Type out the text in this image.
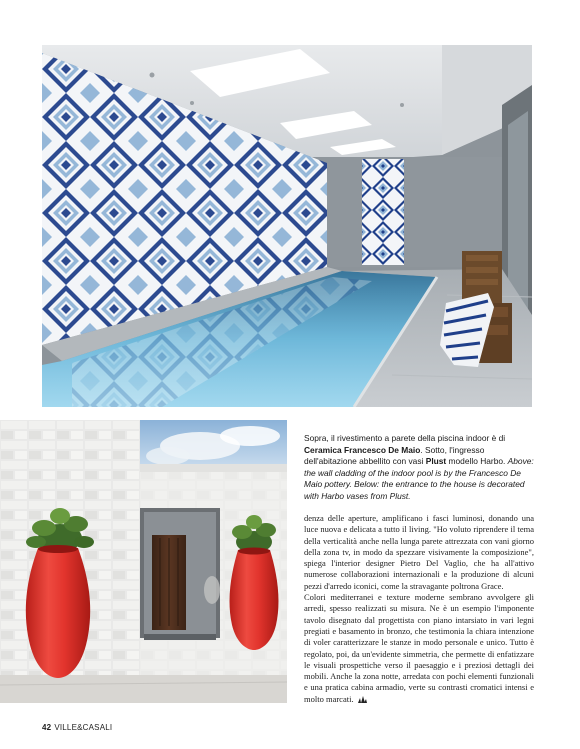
Sopra, il rivestimento a parete della piscina indoor è di Ceramica Francesco De Maio. Sotto, l'ingresso dell'abitazione abbellito con vasi Plust modello Harbo. Above: the wall cladding of the indoor pool is by the Francesco De Maio pottery. Below: the entrance to the house is decorated with Harbo vases from Plust.

denza delle aperture, amplificano i fasci luminosi, donando una luce nuova e delicata a tutto il living. "Ho voluto riprendere il tema della verticalità anche nella lunga parete attrezzata con vani giorno della zona tv, in modo da spezzare visivamente la composizione", spiega l'interior designer Pietro Del Vaglio, che ha all'attivo numerose collaborazioni internazionali e la produzione di alcuni pezzi d'arredo iconici, come la stravagante poltrona Grace.

Colori mediterranei e texture moderne sembrano avvolgere gli arredi, spesso realizzati su misura. Ne è un esempio l'imponente tavolo disegnato dal progettista con piano intarsiato in vari legni pregiati e basamento in bronzo, che testimonia la chiara intenzione di voler caratterizzare le stanze in modo personale e unico. Tutto è regolato, poi, da un'evidente simmetria, che permette di enfatizzare le visuali prospettiche verso il paesaggio e i preziosi dettagli dei mobili. Anche la zona notte, arredata con pochi elementi funzionali e una pratica cabina armadio, verte su contrasti cromatici intensi e molto marcati.

42 VILLE&CASALI
